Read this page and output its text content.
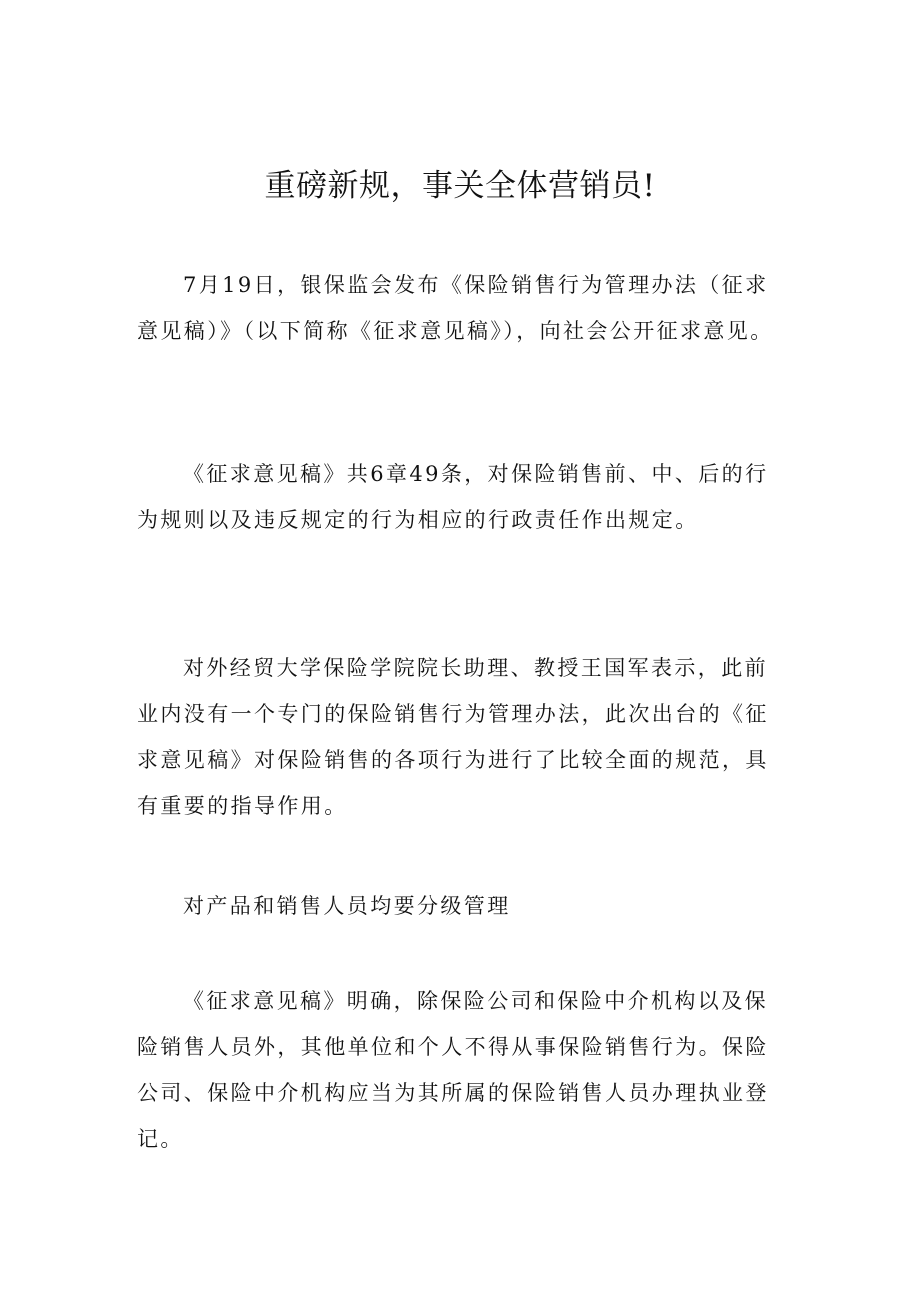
重磅新规，事关全体营销员!

7月19日，银保监会发布《保险销售行为管理办法（征求意见稿）》（以下简称《征求意见稿》），向社会公开征求意见。

《征求意见稿》共6章49条，对保险销售前、中、后的行为规则以及违反规定的行为相应的行政责任作出规定。

对外经贸大学保险学院院长助理、教授王国军表示，此前业内没有一个专门的保险销售行为管理办法，此次出台的《征求意见稿》对保险销售的各项行为进行了比较全面的规范，具有重要的指导作用。

对产品和销售人员均要分级管理

《征求意见稿》明确，除保险公司和保险中介机构以及保险销售人员外，其他单位和个人不得从事保险销售行为。保险公司、保险中介机构应当为其所属的保险销售人员办理执业登记。
